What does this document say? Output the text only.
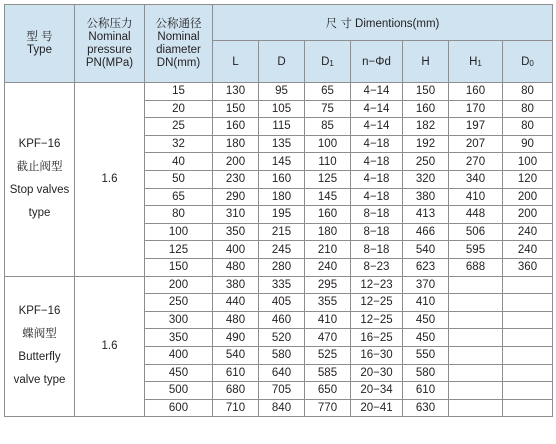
型 号
Type	公称压力
Nominal
pressure
PN(MPa)	公称通径
Nominal
diameter
DN(mm)	尺 寸 Dimentions(mm)						
			L	D	$D_1$	n−Φd	H	$H_1$	$D_0$
KPF−16
截止阀型
Stop valves
type	1.6	15	130	95	65	4−14	150	160	80
		20	150	105	75	4−14	160	170	80
		25	160	115	85	4−14	182	197	80
		32	180	135	100	4−18	192	207	90
		40	200	145	110	4−18	250	270	100
		50	230	160	125	4−18	320	340	120
		65	290	180	145	4−18	380	410	200
		80	310	195	160	8−18	413	448	200
		100	350	215	180	8−18	466	506	240
		125	400	245	210	8−18	540	595	240
		150	480	280	240	8−23	623	688	360
KPF−16
蝶阀型
Butterfly
valve type	1.6	200	380	335	295	12−23	370		
		250	440	405	355	12−25	410		
		300	480	460	410	12−25	450		
		350	490	520	470	16−25	450		
		400	540	580	525	16−30	550		
		450	610	640	585	20−30	580		
		500	680	705	650	20−34	610		
		600	710	840	770	20−41	630		
